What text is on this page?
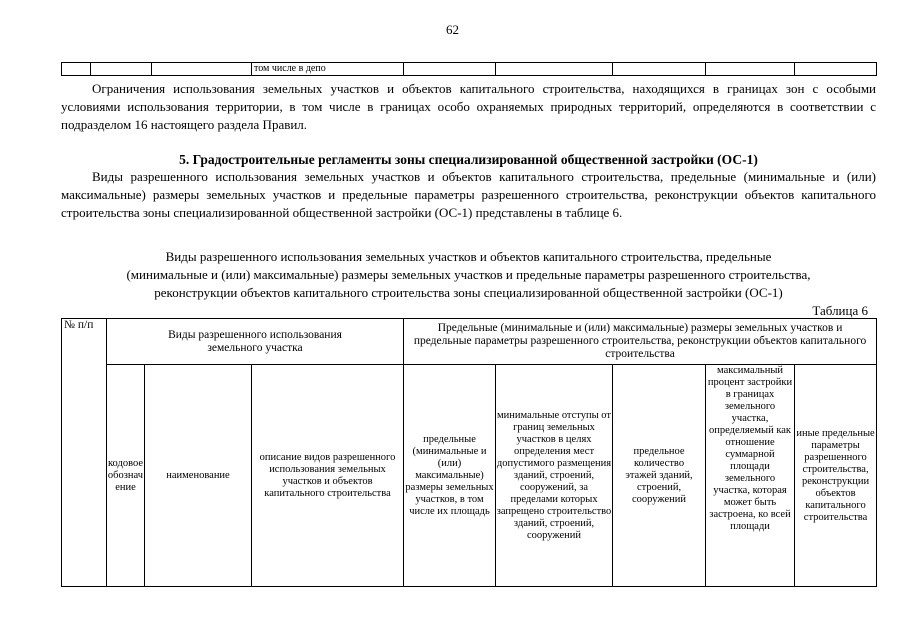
62
			том числе в депо					

Ограничения использования земельных участков и объектов капитального строительства, находящихся в границах зон с особыми условиями использования территории, в том числе в границах особо охраняемых природных территорий, определяются в соответствии с подразделом 16 настоящего раздела Правил.

5. Градостроительные регламенты зоны специализированной общественной застройки (ОС-1)

Виды разрешенного использования земельных участков и объектов капитального строительства, предельные (минимальные и (или) максимальные) размеры земельных участков и предельные параметры разрешенного строительства, реконструкции объектов капитального строительства зоны специализированной общественной застройки (ОС-1) представлены в таблице 6.

Виды разрешенного использования земельных участков и объектов капитального строительства, предельные
(минимальные и (или) максимальные) размеры земельных участков и предельные параметры разрешенного строительства,
реконструкции объектов капитального строительства зоны специализированной общественной застройки (ОС-1)
Таблица 6
№ п/п	Виды разрешенного использования земельного участка			Предельные (минимальные и (или) максимальные) размеры земельных участков и предельные параметры разрешенного строительства, реконструкции объектов капитального строительства				
	кодовое обозначение	наименование	описание видов разрешенного использования земельных участков и объектов капитального строительства	предельные (минимальные и (или) максимальные) размеры земельных участков, в том числе их площадь	минимальные отступы от границ земельных участков в целях определения мест допустимого размещения зданий, строений, сооружений, за пределами которых запрещено строительство зданий, строений, сооружений	предельное количество этажей зданий, строений, сооружений	максимальный процент застройки в границах земельного участка, определяемый как отношение суммарной площади земельного участка, которая может быть застроена, ко всей площади	иные предельные параметры разрешенного строительства, реконструкции объектов капитального строительства
